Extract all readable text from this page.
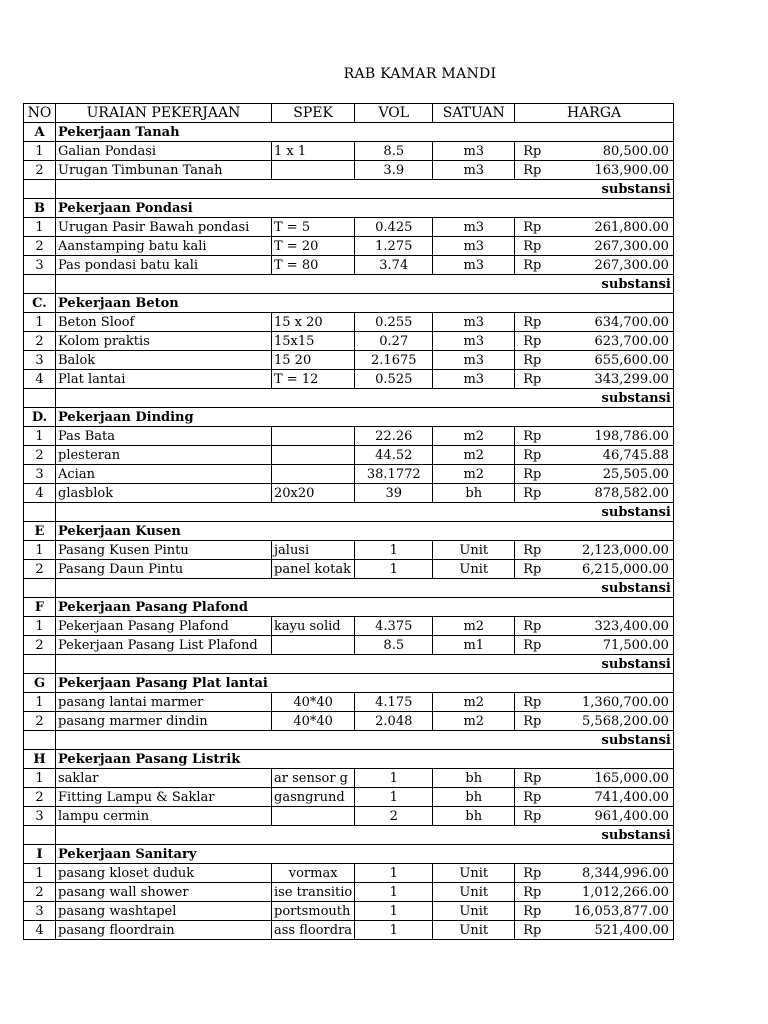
RAB KAMAR MANDI
NO	URAIAN PEKERJAAN	SPEK	VOL	SATUAN	HARGA	
A	Pekerjaan Tanah					
1	Galian Pondasi	1 x 1	8.5	m3	Rp	80,500.00
2	Urugan Timbunan Tanah		3.9	m3	Rp	163,900.00
	substansi					
B	Pekerjaan Pondasi					
1	Urugan Pasir Bawah pondasi	T = 5	0.425	m3	Rp	261,800.00
2	Aanstamping batu kali	T = 20	1.275	m3	Rp	267,300.00
3	Pas pondasi batu kali	T = 80	3.74	m3	Rp	267,300.00
	substansi					
C.	Pekerjaan Beton					
1	Beton Sloof	15 x 20	0.255	m3	Rp	634,700.00
2	Kolom praktis	15x15	0.27	m3	Rp	623,700.00
3	Balok	15 20	2.1675	m3	Rp	655,600.00
4	Plat lantai	T = 12	0.525	m3	Rp	343,299.00
	substansi					
D.	Pekerjaan Dinding					
1	Pas Bata		22.26	m2	Rp	198,786.00
2	plesteran		44.52	m2	Rp	46,745.88
3	Acian		38.1772	m2	Rp	25,505.00
4	glasblok	20x20	39	bh	Rp	878,582.00
	substansi					
E	Pekerjaan Kusen					
1	Pasang Kusen Pintu	jalusi	1	Unit	Rp	2,123,000.00
2	Pasang Daun Pintu	panel kotak	1	Unit	Rp	6,215,000.00
	substansi					
F	Pekerjaan Pasang Plafond					
1	Pekerjaan Pasang Plafond	kayu solid	4.375	m2	Rp	323,400.00
2	Pekerjaan Pasang List Plafond		8.5	m1	Rp	71,500.00
	substansi					
G	Pekerjaan Pasang Plat lantai					
1	pasang lantai marmer	40*40	4.175	m2	Rp	1,360,700.00
2	pasang marmer dindin	40*40	2.048	m2	Rp	5,568,200.00
	substansi					
H	Pekerjaan Pasang Listrik					
1	saklar	ar sensor g	1	bh	Rp	165,000.00
2	Fitting Lampu & Saklar	gasngrund	1	bh	Rp	741,400.00
3	lampu cermin		2	bh	Rp	961,400.00
	substansi					
I	Pekerjaan Sanitary					
1	pasang kloset duduk	vormax	1	Unit	Rp	8,344,996.00
2	pasang wall shower	ise transitio	1	Unit	Rp	1,012,266.00
3	pasang washtapel	portsmouth	1	Unit	Rp	16,053,877.00
4	pasang floordrain	ass floordra	1	Unit	Rp	521,400.00
